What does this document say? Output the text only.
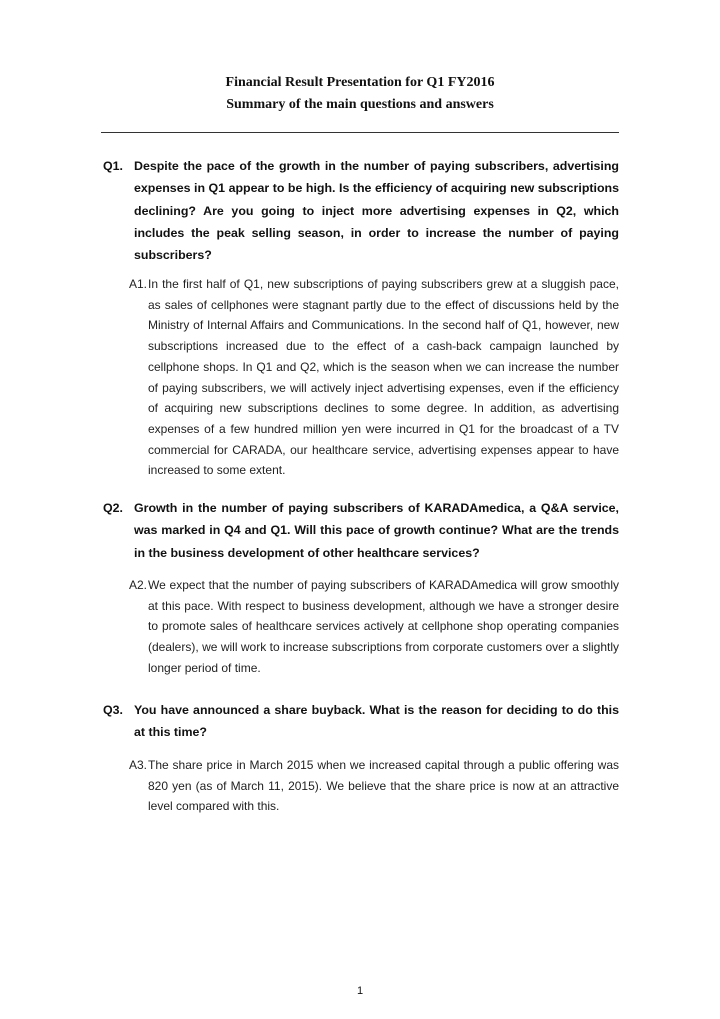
Financial Result Presentation for Q1 FY2016
Summary of the main questions and answers
Q1. Despite the pace of the growth in the number of paying subscribers, advertising expenses in Q1 appear to be high. Is the efficiency of acquiring new subscriptions declining? Are you going to inject more advertising expenses in Q2, which includes the peak selling season, in order to increase the number of paying subscribers?
A1. In the first half of Q1, new subscriptions of paying subscribers grew at a sluggish pace, as sales of cellphones were stagnant partly due to the effect of discussions held by the Ministry of Internal Affairs and Communications. In the second half of Q1, however, new subscriptions increased due to the effect of a cash-back campaign launched by cellphone shops. In Q1 and Q2, which is the season when we can increase the number of paying subscribers, we will actively inject advertising expenses, even if the efficiency of acquiring new subscriptions declines to some degree. In addition, as advertising expenses of a few hundred million yen were incurred in Q1 for the broadcast of a TV commercial for CARADA, our healthcare service, advertising expenses appear to have increased to some extent.
Q2. Growth in the number of paying subscribers of KARADAmedica, a Q&A service, was marked in Q4 and Q1. Will this pace of growth continue? What are the trends in the business development of other healthcare services?
A2. We expect that the number of paying subscribers of KARADAmedica will grow smoothly at this pace. With respect to business development, although we have a stronger desire to promote sales of healthcare services actively at cellphone shop operating companies (dealers), we will work to increase subscriptions from corporate customers over a slightly longer period of time.
Q3. You have announced a share buyback. What is the reason for deciding to do this at this time?
A3. The share price in March 2015 when we increased capital through a public offering was 820 yen (as of March 11, 2015). We believe that the share price is now at an attractive level compared with this.
1
